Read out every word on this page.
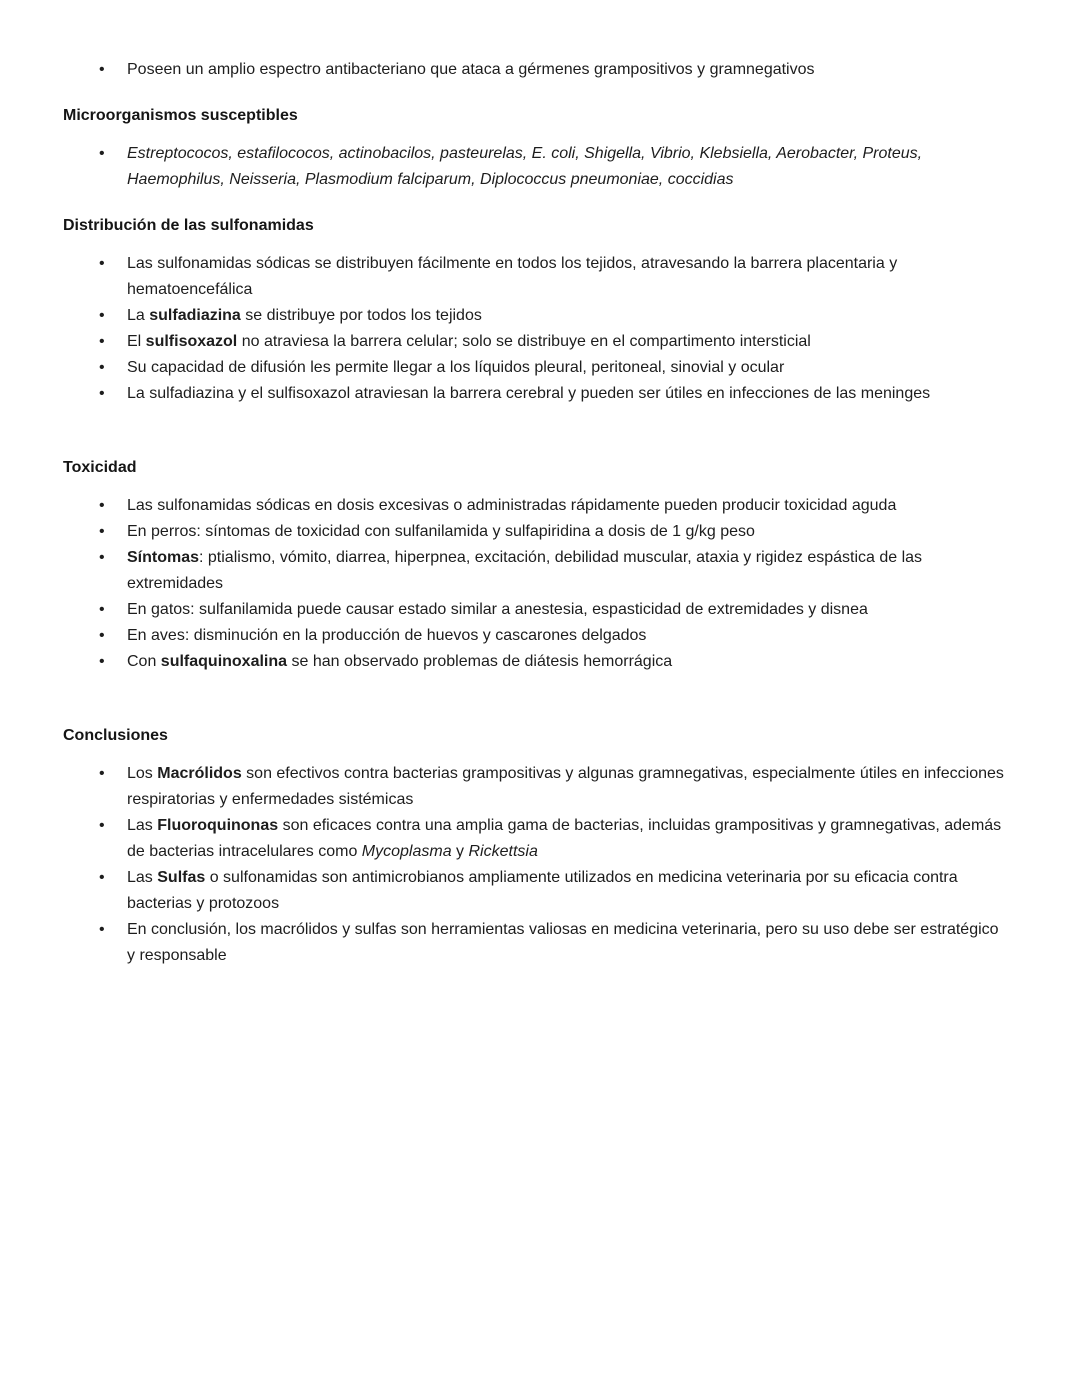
• Poseen un amplio espectro antibacteriano que ataca a gérmenes grampositivos y gramnegativos
Microorganismos susceptibles
• Estreptococos, estafilococos, actinobacilos, pasteurelas, E. coli, Shigella, Vibrio, Klebsiella, Aerobacter, Proteus, Haemophilus, Neisseria, Plasmodium falciparum, Diplococcus pneumoniae, coccidias
Distribución de las sulfonamidas
• Las sulfonamidas sódicas se distribuyen fácilmente en todos los tejidos, atravesando la barrera placentaria y hematoencefálica
• La sulfadiazina se distribuye por todos los tejidos
• El sulfisoxazol no atraviesa la barrera celular; solo se distribuye en el compartimento intersticial
• Su capacidad de difusión les permite llegar a los líquidos pleural, peritoneal, sinovial y ocular
• La sulfadiazina y el sulfisoxazol atraviesan la barrera cerebral y pueden ser útiles en infecciones de las meninges
Toxicidad
• Las sulfonamidas sódicas en dosis excesivas o administradas rápidamente pueden producir toxicidad aguda
• En perros: síntomas de toxicidad con sulfanilamida y sulfapiridina a dosis de 1 g/kg peso
• Síntomas: ptialismo, vómito, diarrea, hiperpnea, excitación, debilidad muscular, ataxia y rigidez espástica de las extremidades
• En gatos: sulfanilamida puede causar estado similar a anestesia, espasticidad de extremidades y disnea
• En aves: disminución en la producción de huevos y cascarones delgados
• Con sulfaquinoxalina se han observado problemas de diátesis hemorrágica
Conclusiones
• Los Macrólidos son efectivos contra bacterias grampositivas y algunas gramnegativas, especialmente útiles en infecciones respiratorias y enfermedades sistémicas
• Las Fluoroquinonas son eficaces contra una amplia gama de bacterias, incluidas grampositivas y gramnegativas, además de bacterias intracelulares como Mycoplasma y Rickettsia
• Las Sulfas o sulfonamidas son antimicrobianos ampliamente utilizados en medicina veterinaria por su eficacia contra bacterias y protozoos
• En conclusión, los macrólidos y sulfas son herramientas valiosas en medicina veterinaria, pero su uso debe ser estratégico y responsable
